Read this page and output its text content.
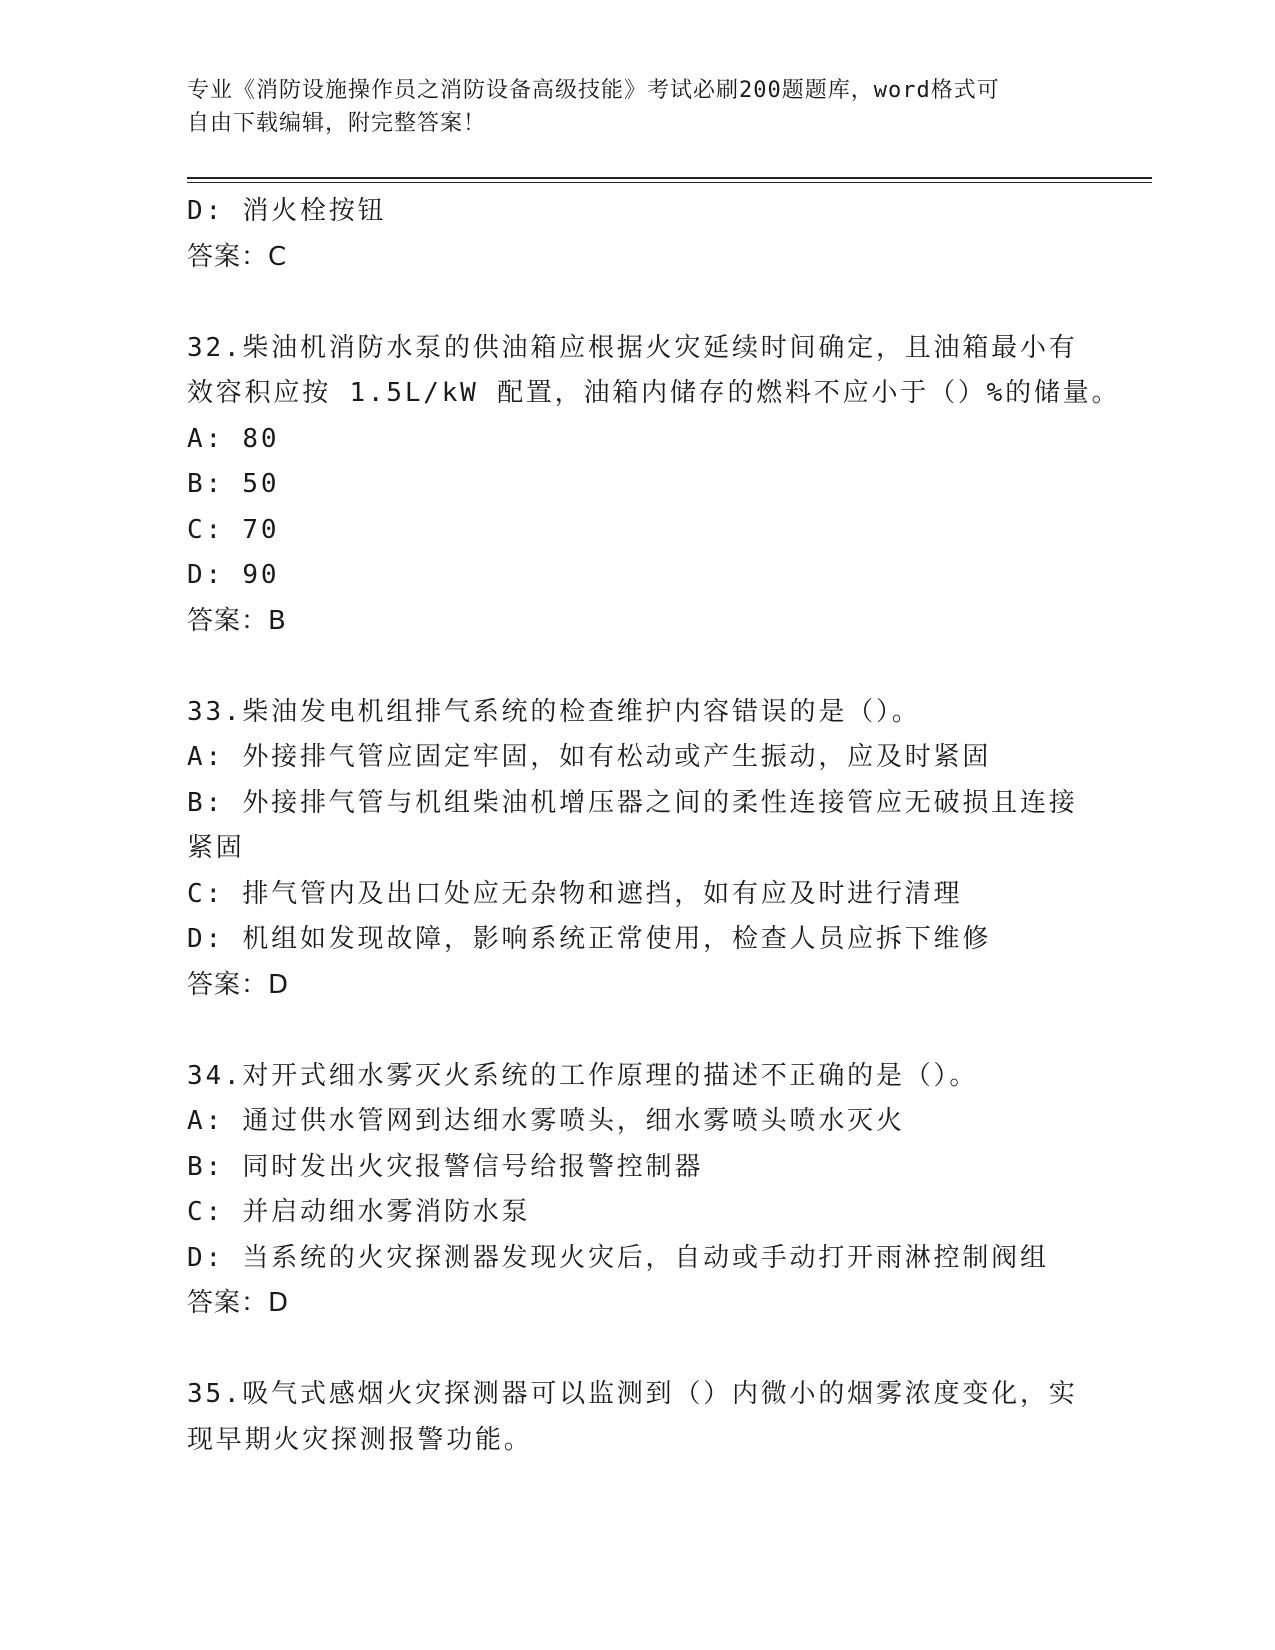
专业《消防设施操作员之消防设备高级技能》考试必刷200题题库，word格式可
自由下载编辑，附完整答案！
D: 消火栓按钮
答案：C
32.柴油机消防水泵的供油箱应根据火灾延续时间确定，且油箱最小有
效容积应按 1.5L/kW 配置，油箱内储存的燃料不应小于（）%的储量。
A: 80
B: 50
C: 70
D: 90
答案：B
33.柴油发电机组排气系统的检查维护内容错误的是（）。
A: 外接排气管应固定牢固，如有松动或产生振动，应及时紧固
B: 外接排气管与机组柴油机增压器之间的柔性连接管应无破损且连接
紧固
C: 排气管内及出口处应无杂物和遮挡，如有应及时进行清理
D: 机组如发现故障，影响系统正常使用，检查人员应拆下维修
答案：D
34.对开式细水雾灭火系统的工作原理的描述不正确的是（）。
A: 通过供水管网到达细水雾喷头，细水雾喷头喷水灭火
B: 同时发出火灾报警信号给报警控制器
C: 并启动细水雾消防水泵
D: 当系统的火灾探测器发现火灾后，自动或手动打开雨淋控制阀组
答案：D
35.吸气式感烟火灾探测器可以监测到（）内微小的烟雾浓度变化，实
现早期火灾探测报警功能。
